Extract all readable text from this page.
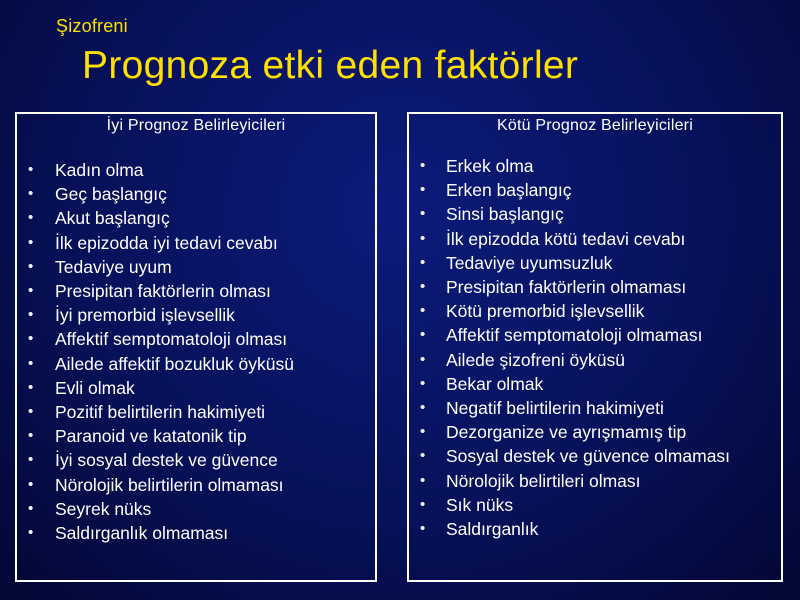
Şizofreni
Prognoza etki eden faktörler
İyi Prognoz Belirleyicileri
• Kadın olma
• Geç başlangıç
• Akut başlangıç
• İlk epizodda iyi tedavi cevabı
• Tedaviye uyum
• Presipitan faktörlerin olması
• İyi premorbid işlevsellik
• Affektif semptomatoloji olması
• Ailede affektif bozukluk öyküsü
• Evli olmak
• Pozitif belirtilerin hakimiyeti
• Paranoid ve katatonik tip
• İyi sosyal destek ve güvence
• Nörolojik belirtilerin olmaması
• Seyrek nüks
• Saldırganlık olmaması
Kötü Prognoz Belirleyicileri
• Erkek olma
• Erken başlangıç
• Sinsi başlangıç
• İlk epizodda kötü tedavi cevabı
• Tedaviye uyumsuzluk
• Presipitan faktörlerin olmaması
• Kötü premorbid işlevsellik
• Affektif semptomatoloji olmaması
• Ailede şizofreni öyküsü
• Bekar olmak
• Negatif belirtilerin hakimiyeti
• Dezorganize ve ayrışmamış tip
• Sosyal destek ve güvence olmaması
• Nörolojik belirtileri olması
• Sık nüks
• Saldırganlık
